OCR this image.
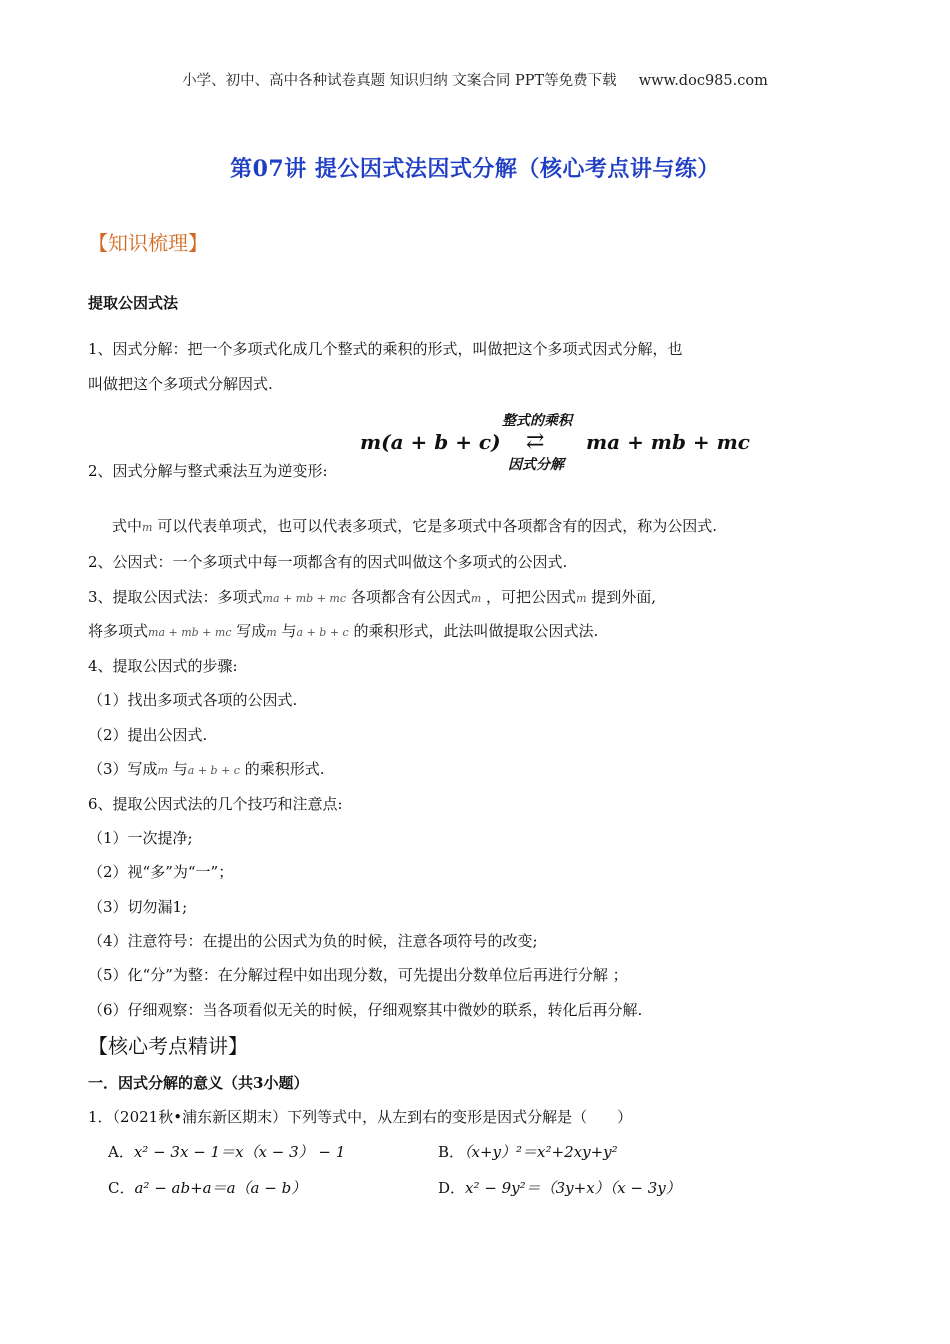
小学、初中、高中各种试卷真题 知识归纳 文案合同 PPT等免费下载 www.doc985.com
第07讲 提公因式法因式分解（核心考点讲与练）
【知识梳理】
提取公因式法
1、因式分解：把一个多项式化成几个整式的乘积的形式，叫做把这个多项式因式分解，也
叫做把这个多项式分解因式.
整式的乘积
m(a + b + c) ⇄ ma + mb + mc
因式分解
2、因式分解与整式乘法互为逆变形:
式中m 可以代表单项式，也可以代表多项式，它是多项式中各项都含有的因式，称为公因式.
2、公因式：一个多项式中每一项都含有的因式叫做这个多项式的公因式.
3、提取公因式法：多项式ma + mb + mc 各项都含有公因式m ，可把公因式m 提到外面,
将多项式ma + mb + mc 写成m 与a + b + c 的乘积形式，此法叫做提取公因式法.
4、提取公因式的步骤:
（1）找出多项式各项的公因式.
（2）提出公因式.
（3）写成m 与a + b + c 的乘积形式.
6、提取公因式法的几个技巧和注意点:
（1）一次提净;
（2）视“多”为“一”；
（3）切勿漏1;
（4）注意符号：在提出的公因式为负的时候，注意各项符号的改变;
（5）化“分”为整：在分解过程中如出现分数，可先提出分数单位后再进行分解 ；
（6）仔细观察：当各项看似无关的时候，仔细观察其中微妙的联系，转化后再分解.
【核心考点精讲】
一．因式分解的意义（共3小题）
1．（2021秋•浦东新区期末）下列等式中，从左到右的变形是因式分解是（　　）
A．x² − 3x − 1＝x（x − 3） − 1	B．（x+y）²＝x²+2xy+y²
C．a² − ab+a＝a（a − b）	D．x² − 9y²＝（3y+x）（x − 3y）
